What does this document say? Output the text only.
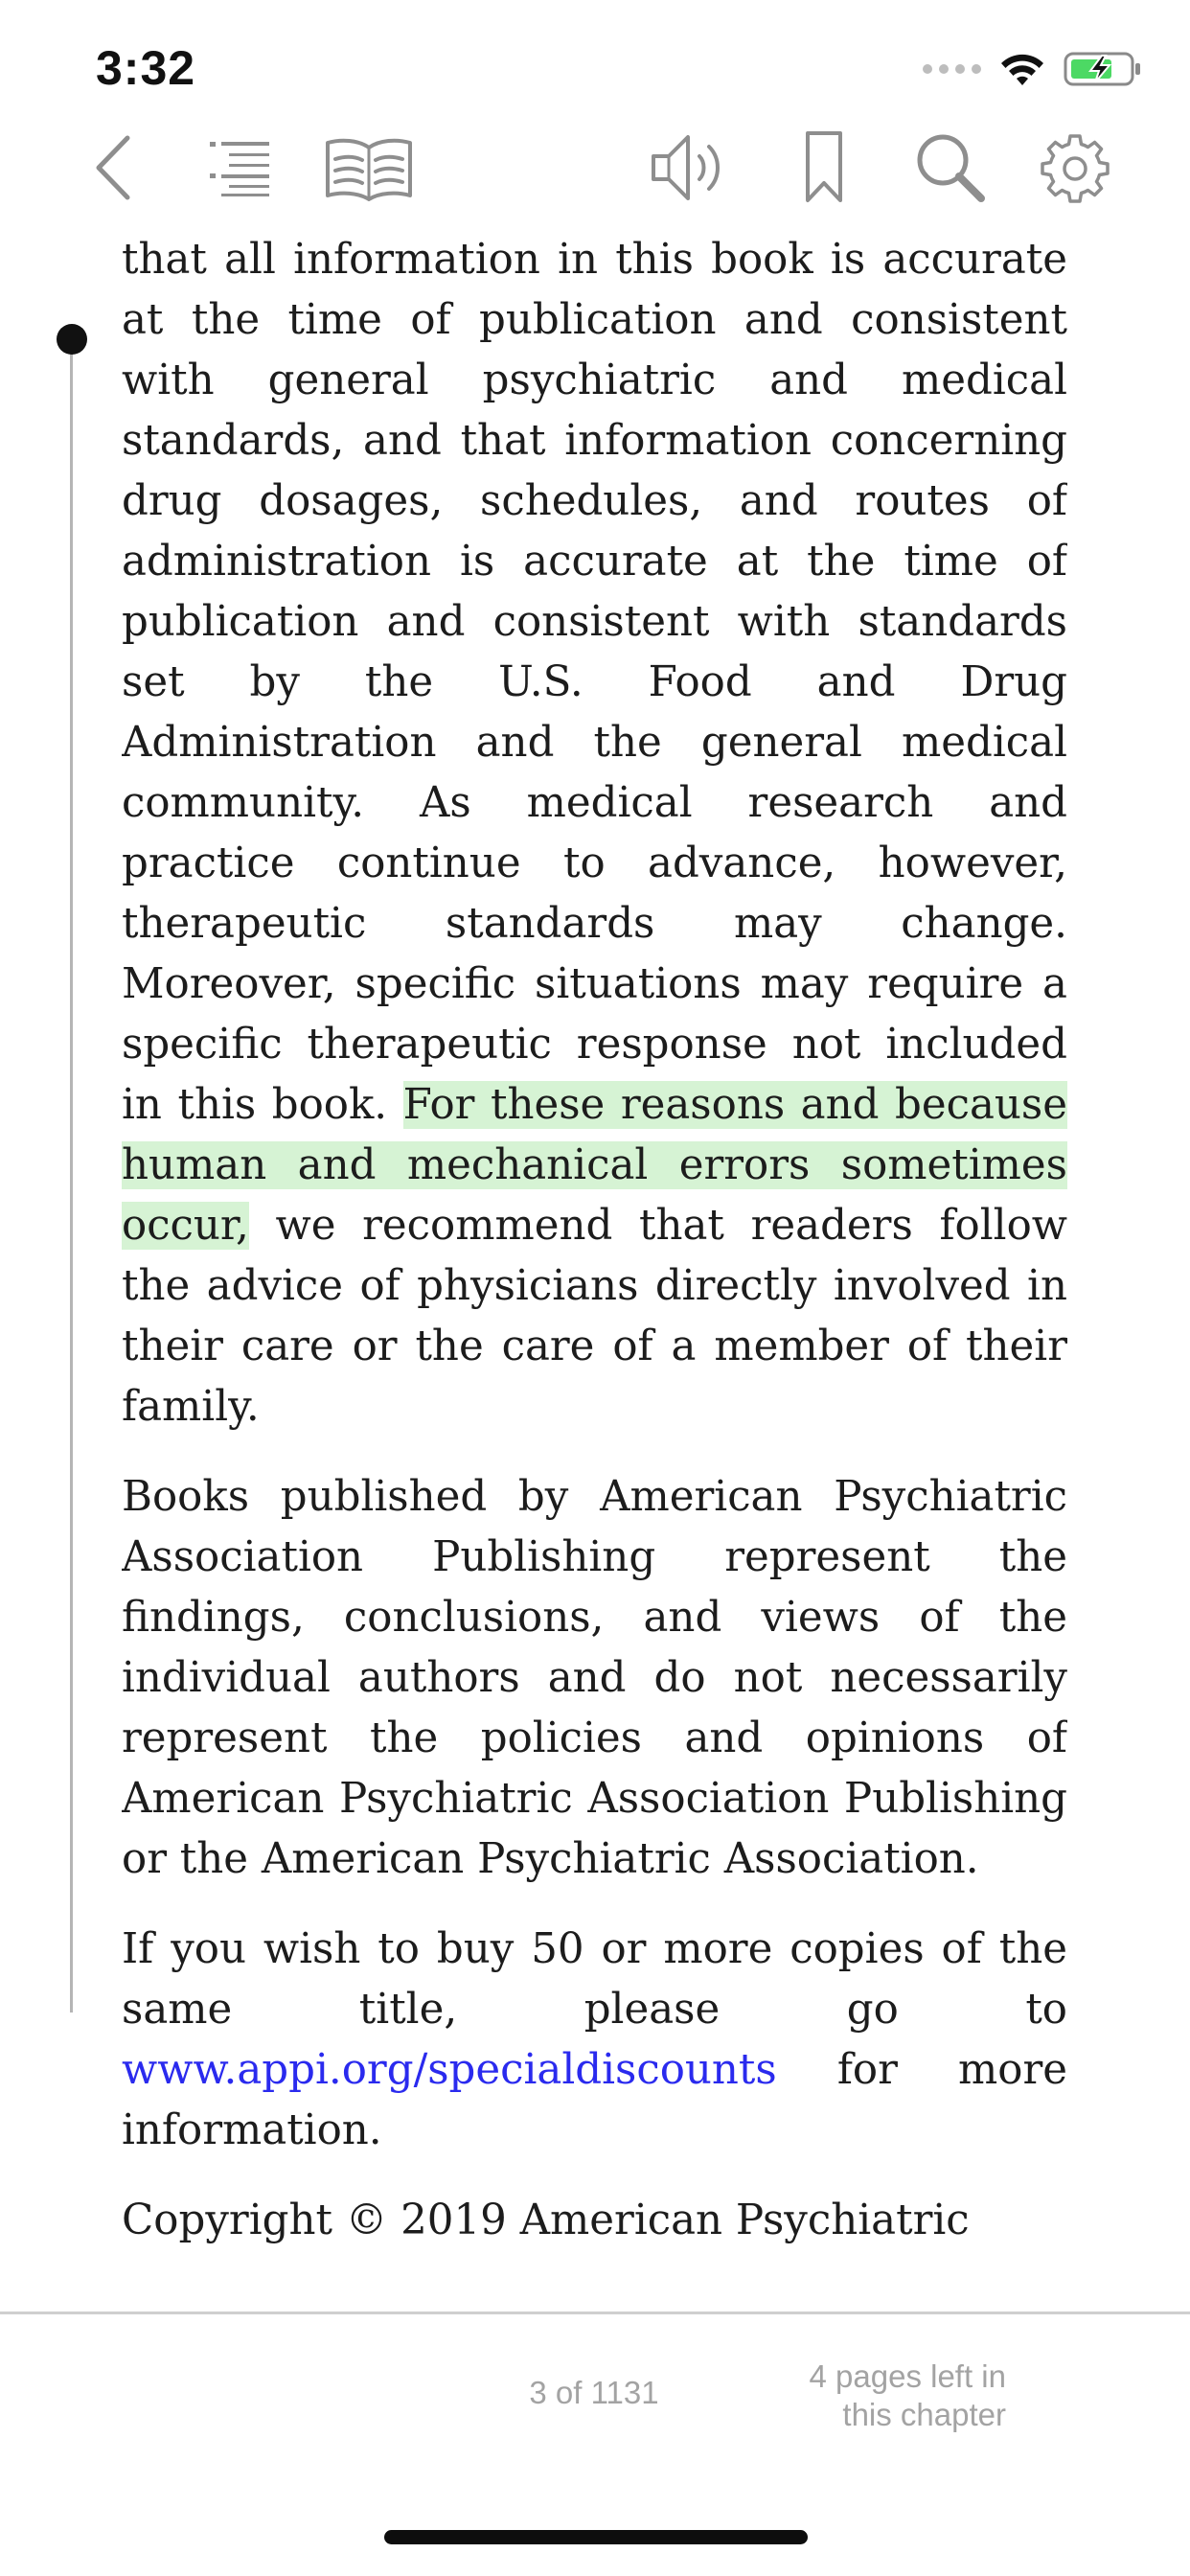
3:32

that all information in this book is accurate at the time of publication and consistent with general psychiatric and medical standards, and that information concerning drug dosages, schedules, and routes of administration is accurate at the time of publication and consistent with standards set by the U.S. Food and Drug Administration and the general medical community. As medical research and practice continue to advance, however, therapeutic standards may change. Moreover, specific situations may require a specific therapeutic response not included in this book. For these reasons and because human and mechanical errors sometimes occur, we recommend that readers follow the advice of physicians directly involved in their care or the care of a member of their family.

Books published by American Psychiatric Association Publishing represent the findings, conclusions, and views of the individual authors and do not necessarily represent the policies and opinions of American Psychiatric Association Publishing or the American Psychiatric Association.

If you wish to buy 50 or more copies of the same title, please go to www.appi.org/specialdiscounts for more information.

Copyright © 2019 American Psychiatric

3 of 1131	4 pages left in
this chapter
